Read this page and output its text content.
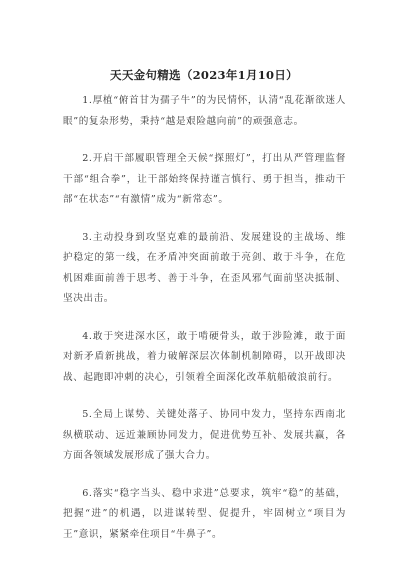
天天金句精选（2023年1月10日）

1.厚植“俯首甘为孺子牛”的为民情怀，认清“乱花渐欲迷人眼”的复杂形势，秉持“越是艰险越向前”的顽强意志。

2.开启干部履职管理全天候“探照灯”，打出从严管理监督干部“组合拳”，让干部始终保持谨言慎行、勇于担当，推动干部“在状态”“有激情”成为“新常态”。

3.主动投身到攻坚克难的最前沿、发展建设的主战场、维护稳定的第一线，在矛盾冲突面前敢于亮剑、敢于斗争，在危机困难面前善于思考、善于斗争，在歪风邪气面前坚决抵制、坚决出击。

4.敢于突进深水区，敢于啃硬骨头，敢于涉险滩，敢于面对新矛盾新挑战，着力破解深层次体制机制障碍，以开战即决战、起跑即冲刺的决心，引领着全面深化改革航船破浪前行。

5.全局上谋势、关键处落子、协同中发力，坚持东西南北纵横联动、远近兼顾协同发力，促进优势互补、发展共赢，各方面各领域发展形成了强大合力。

6.落实“稳字当头、稳中求进”总要求，筑牢“稳”的基础，把握“进”的机遇，以进谋转型、促提升，牢固树立“项目为王”意识，紧紧牵住项目“牛鼻子”。
